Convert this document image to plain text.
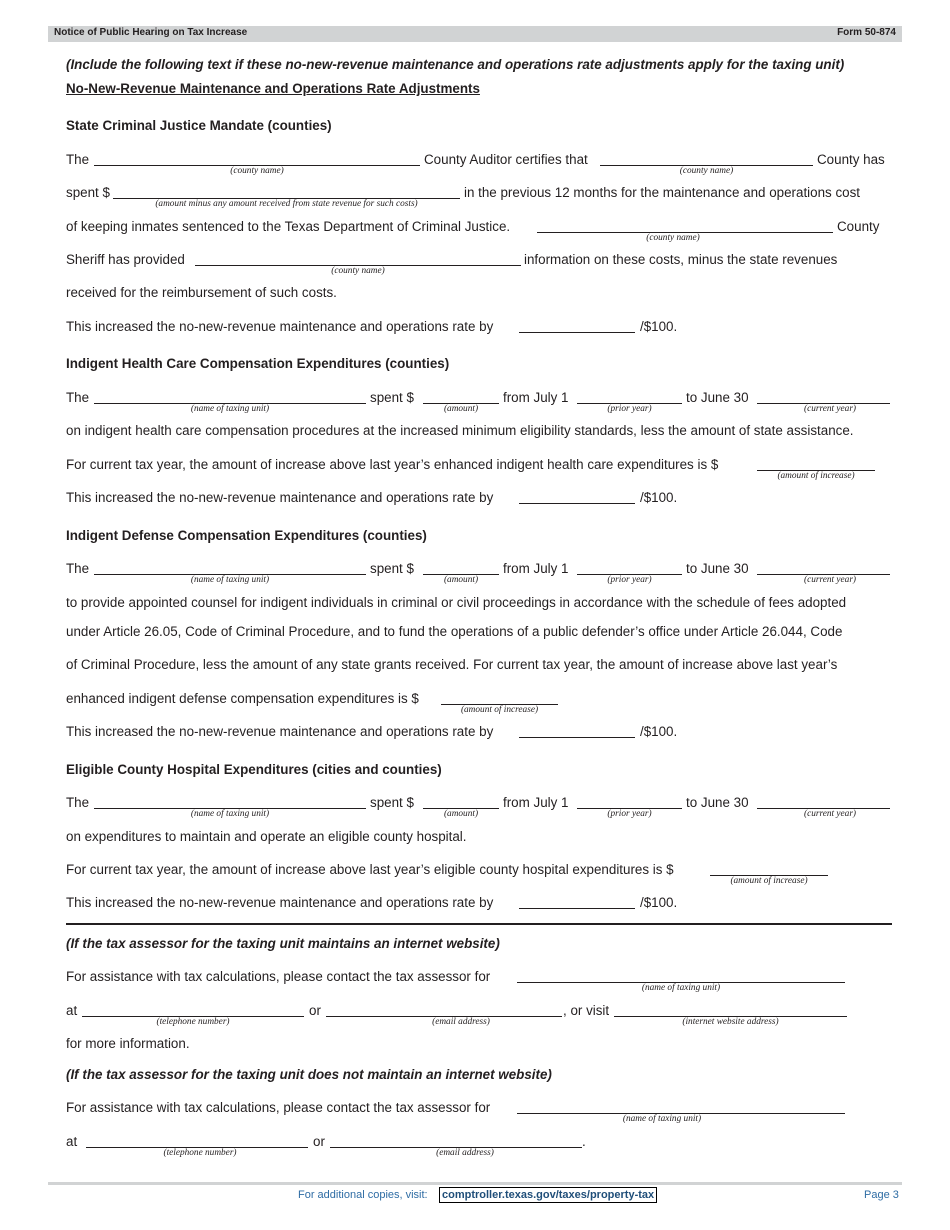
Notice of Public Hearing on Tax Increase	Form 50-874
(Include the following text if these no-new-revenue maintenance and operations rate adjustments apply for the taxing unit)
No-New-Revenue Maintenance and Operations Rate Adjustments
State Criminal Justice Mandate (counties)
The
(county name)
County Auditor certifies that
(county name)
County has
spent $
(amount minus any amount received from state revenue for such costs)
in the previous 12 months for the maintenance and operations cost
of keeping inmates sentenced to the Texas Department of Criminal Justice.
(county name)
County
Sheriff has provided
(county name)
information on these costs, minus the state revenues
received for the reimbursement of such costs.
This increased the no-new-revenue maintenance and operations rate by	/$100.
Indigent Health Care Compensation Expenditures (counties)
The
(name of taxing unit)
spent $
(amount)
from July 1
(prior year)
to June 30
(current year)
on indigent health care compensation procedures at the increased minimum eligibility standards, less the amount of state assistance.
For current tax year, the amount of increase above last year’s enhanced indigent health care expenditures is $
(amount of increase)
This increased the no-new-revenue maintenance and operations rate by	/$100.
Indigent Defense Compensation Expenditures (counties)
The
(name of taxing unit)
spent $
(amount)
from July 1
(prior year)
to June 30
(current year)
to provide appointed counsel for indigent individuals in criminal or civil proceedings in accordance with the schedule of fees adopted
under Article 26.05, Code of Criminal Procedure, and to fund the operations of a public defender’s office under Article 26.044, Code
of Criminal Procedure, less the amount of any state grants received. For current tax year, the amount of increase above last year’s
enhanced indigent defense compensation expenditures is $
(amount of increase)
This increased the no-new-revenue maintenance and operations rate by	/$100.
Eligible County Hospital Expenditures (cities and counties)
The
(name of taxing unit)
spent $
(amount)
from July 1
(prior year)
to June 30
(current year)
on expenditures to maintain and operate an eligible county hospital.
For current tax year, the amount of increase above last year’s eligible county hospital expenditures is $
(amount of increase)
This increased the no-new-revenue maintenance and operations rate by	/$100.
(If the tax assessor for the taxing unit maintains an internet website)
For assistance with tax calculations, please contact the tax assessor for
(name of taxing unit)
at
(telephone number)
or
(email address)
, or visit
(internet website address)
for more information.
(If the tax assessor for the taxing unit does not maintain an internet website)
For assistance with tax calculations, please contact the tax assessor for
(name of taxing unit)
at
(telephone number)
or
(email address)
.
For additional copies, visit: comptroller.texas.gov/taxes/property-tax	Page 3
